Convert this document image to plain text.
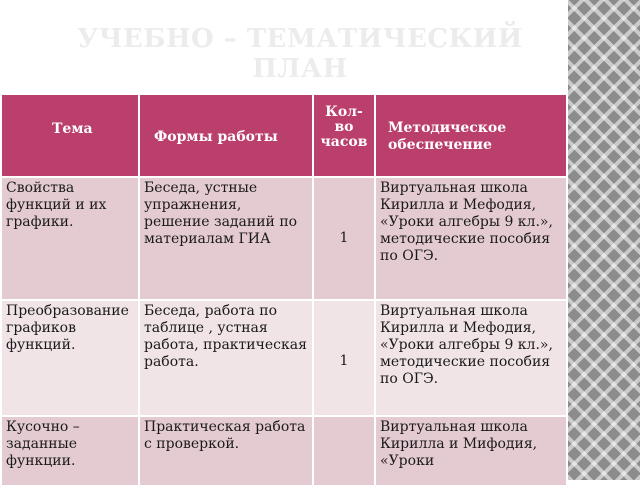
УЧЕБНО – ТЕМАТИЧЕСКИЙ ПЛАН
Тема	Формы работы	Кол-во часов	Методическое обеспечение
Свойства функций и их графики.	Беседа, устные упражнения, решение заданий по материалам ГИА	1	Виртуальная школа Кирилла и Мефодия, «Уроки алгебры 9 кл.», методические пособия по ОГЭ.
Преобразование графиков функций.	Беседа, работа по таблице , устная работа, практическая работа.	1	Виртуальная школа Кирилла и Мефодия, «Уроки алгебры 9 кл.», методические пособия по ОГЭ.
Кусочно – заданные функции.	Практическая работа с проверкой.		Виртуальная школа Кирилла и Мифодия, «Уроки
